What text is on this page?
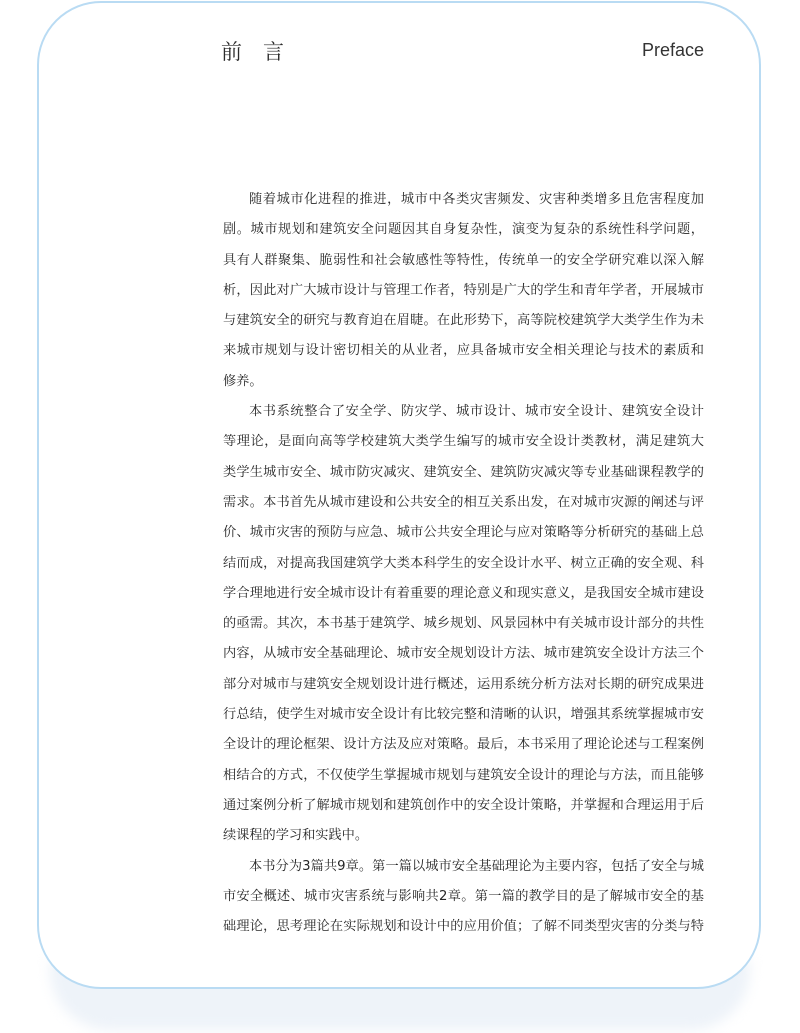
前言	Preface
随着城市化进程的推进，城市中各类灾害频发、灾害种类增多且危害程度加
剧。城市规划和建筑安全问题因其自身复杂性，演变为复杂的系统性科学问题，
具有人群聚集、脆弱性和社会敏感性等特性，传统单一的安全学研究难以深入解
析，因此对广大城市设计与管理工作者，特别是广大的学生和青年学者，开展城市
与建筑安全的研究与教育迫在眉睫。在此形势下，高等院校建筑学大类学生作为未
来城市规划与设计密切相关的从业者，应具备城市安全相关理论与技术的素质和
修养。
本书系统整合了安全学、防灾学、城市设计、城市安全设计、建筑安全设计
等理论，是面向高等学校建筑大类学生编写的城市安全设计类教材，满足建筑大
类学生城市安全、城市防灾减灾、建筑安全、建筑防灾减灾等专业基础课程教学的
需求。本书首先从城市建设和公共安全的相互关系出发，在对城市灾源的阐述与评
价、城市灾害的预防与应急、城市公共安全理论与应对策略等分析研究的基础上总
结而成，对提高我国建筑学大类本科学生的安全设计水平、树立正确的安全观、科
学合理地进行安全城市设计有着重要的理论意义和现实意义，是我国安全城市建设
的亟需。其次，本书基于建筑学、城乡规划、风景园林中有关城市设计部分的共性
内容，从城市安全基础理论、城市安全规划设计方法、城市建筑安全设计方法三个
部分对城市与建筑安全规划设计进行概述，运用系统分析方法对长期的研究成果进
行总结，使学生对城市安全设计有比较完整和清晰的认识，增强其系统掌握城市安
全设计的理论框架、设计方法及应对策略。最后，本书采用了理论论述与工程案例
相结合的方式，不仅使学生掌握城市规划与建筑安全设计的理论与方法，而且能够
通过案例分析了解城市规划和建筑创作中的安全设计策略，并掌握和合理运用于后
续课程的学习和实践中。
本书分为3篇共9章。第一篇以城市安全基础理论为主要内容，包括了安全与城
市安全概述、城市灾害系统与影响共2章。第一篇的教学目的是了解城市安全的基
础理论，思考理论在实际规划和设计中的应用价值；了解不同类型灾害的分类与特
